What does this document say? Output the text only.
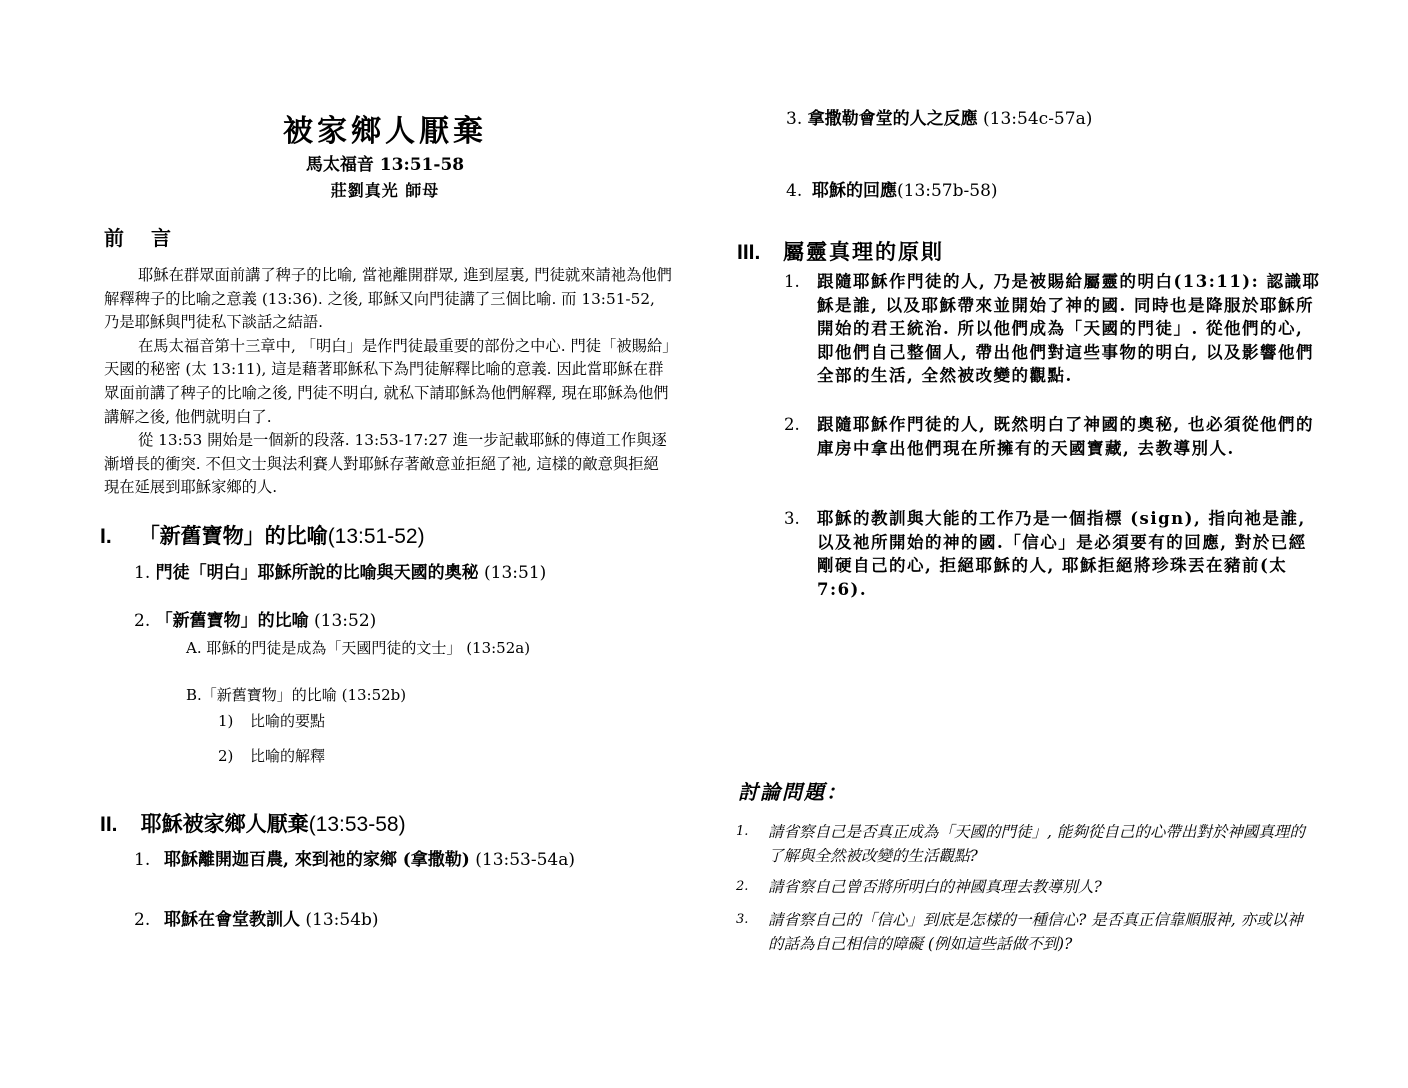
被家鄉人厭棄
馬太福音 13:51-58
莊劉真光 師母
前 言

耶穌在群眾面前講了稗子的比喻, 當祂離開群眾, 進到屋裏, 門徒就來請祂為他們解釋稗子的比喻之意義 (13:36). 之後, 耶穌又向門徒講了三個比喻. 而 13:51-52, 乃是耶穌與門徒私下談話之結語.

在馬太福音第十三章中, 「明白」是作門徒最重要的部份之中心. 門徒「被賜給」天國的秘密 (太 13:11), 這是藉著耶穌私下為門徒解釋比喻的意義. 因此當耶穌在群眾面前講了稗子的比喻之後, 門徒不明白, 就私下請耶穌為他們解釋, 現在耶穌為他們講解之後, 他們就明白了.

從 13:53 開始是一個新的段落. 13:53-17:27 進一步記載耶穌的傳道工作與逐漸增長的衝突. 不但文士與法利賽人對耶穌存著敵意並拒絕了祂, 這樣的敵意與拒絕現在延展到耶穌家鄉的人.

I. 「新舊寶物」的比喻(13:51-52)
1. 門徒「明白」耶穌所說的比喻與天國的奧秘 (13:51)
2. 「新舊寶物」的比喻 (13:52)
A. 耶穌的門徒是成為「天國門徒的文士」 (13:52a)
B.「新舊寶物」的比喻 (13:52b)
1) 比喻的要點
2) 比喻的解釋
II. 耶穌被家鄉人厭棄(13:53-58)
1. 耶穌離開迦百農, 來到祂的家鄉 (拿撒勒) (13:53-54a)
2. 耶穌在會堂教訓人 (13:54b)
3. 拿撒勒會堂的人之反應 (13:54c-57a)
4. 耶穌的回應(13:57b-58)
III. 屬靈真理的原則
1. 跟隨耶穌作門徒的人, 乃是被賜給屬靈的明白(13:11): 認識耶穌是誰, 以及耶穌帶來並開始了神的國. 同時也是降服於耶穌所開始的君王統治. 所以他們成為「天國的門徒」. 從他們的心, 即他們自己整個人, 帶出他們對這些事物的明白, 以及影響他們全部的生活, 全然被改變的觀點.
2. 跟隨耶穌作門徒的人, 既然明白了神國的奧秘, 也必須從他們的庫房中拿出他們現在所擁有的天國寶藏, 去教導別人.
3. 耶穌的教訓與大能的工作乃是一個指標 (sign), 指向祂是誰, 以及祂所開始的神的國.「信心」是必須要有的回應, 對於已經剛硬自己的心, 拒絕耶穌的人, 耶穌拒絕將珍珠丟在豬前(太 7:6).
討論問題：
1. 請省察自己是否真正成為「天國的門徒」, 能夠從自己的心帶出對於神國真理的了解與全然被改變的生活觀點?
2. 請省察自己曾否將所明白的神國真理去教導別人?
3. 請省察自己的「信心」到底是怎樣的一種信心? 是否真正信靠順服神, 亦或以神的話為自己相信的障礙 (例如這些話做不到)?
